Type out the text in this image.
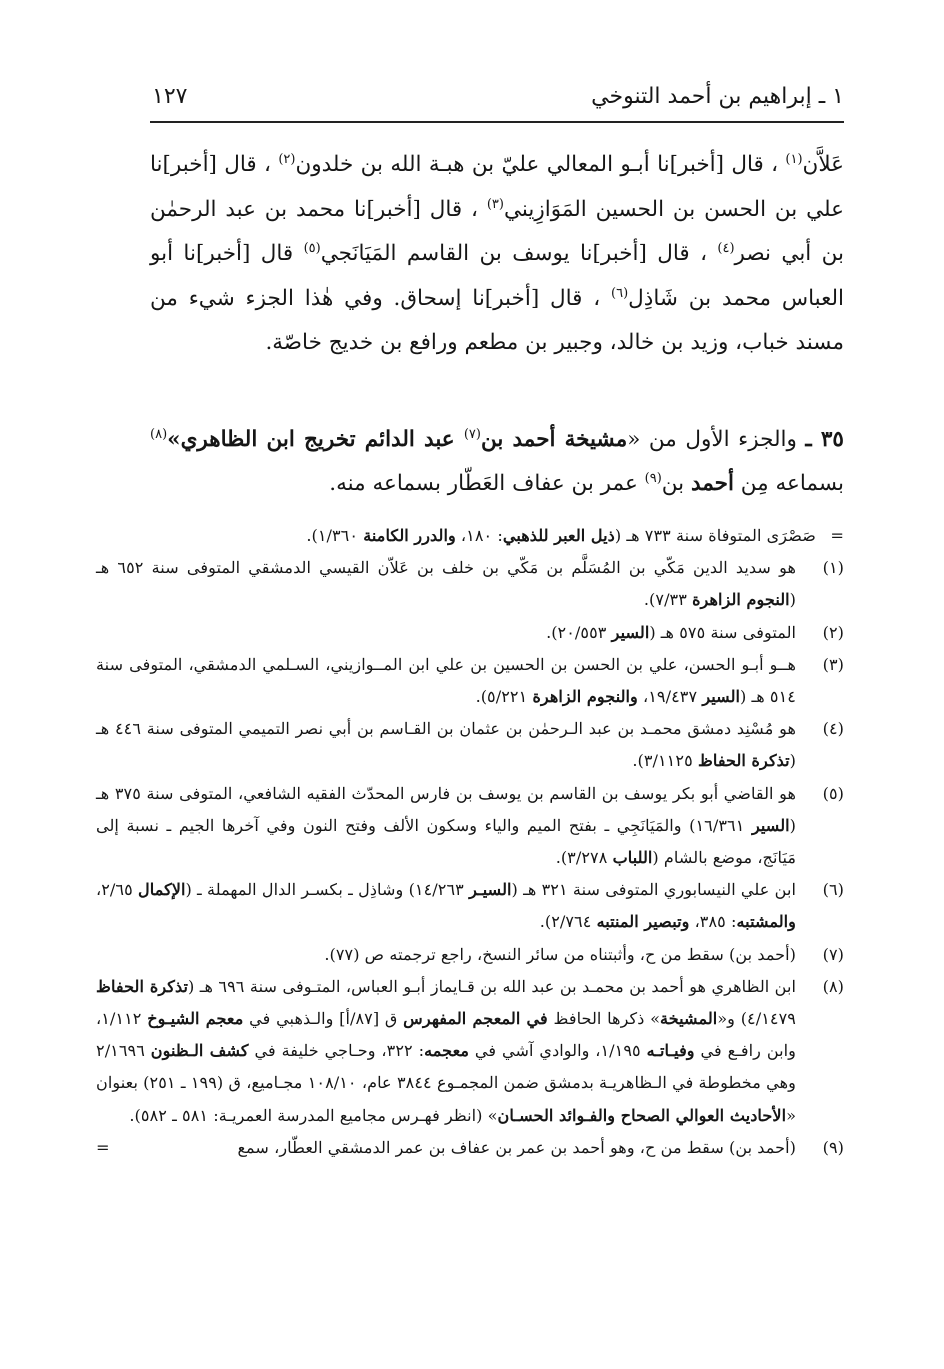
١ ـ إبراهيم بن أحمد التنوخي
١٢٧

عَلاَّن$^{(١)}$ ، قال [أخبر]نا أبـو المعالي عليّ بن هبـة الله بن خلدون$^{(٢)}$ ، قال [أخبر]نا علي بن الحسن بن الحسين المَوَازِيني$^{(٣)}$ ، قال [أخبر]نا محمد بن عبد الرحمٰن بن أبي نصر$^{(٤)}$ ، قال [أخبر]نا يوسف بن القاسم المَيَانَجي$^{(٥)}$ قال [أخبر]نا أبو العباس محمد بن شَاذِل$^{(٦)}$ ، قال [أخبر]نا إسحاق. وفي هٰذا الجزء شيء من مسند خباب، وزيد بن خالد، وجبير بن مطعم ورافع بن خديج خاصّة.

٣٥ ـ والجزء الأول من «مشيخة أحمد بن$^{(٧)}$ عبد الدائم تخريج ابن الظاهري»$^{(٨)}$ بسماعه مِن أحمد بن$^{(٩)}$ عمر بن عفاف العَطّار بسماعه منه.

=
صَصْرَى المتوفاة سنة ٧٣٣ هـ (ذيل العبر للذهبي: ١٨٠، والدرر الكامنة ١/٣٦٠).
(١)
هو سديد الدين مَكّي بن المُسَلَّم بن مَكّي بن خلف بن عَلاّن القيسي الدمشقي المتوفى سنة ٦٥٢ هـ (النجوم الزاهرة ٧/٣٣).
(٢)
المتوفى سنة ٥٧٥ هـ (السير ٢٠/٥٥٣).
(٣)
هــو أبـو الحسن، علي بن الحسن بن الحسين بن علي ابن المــوازيني، السـلمي الدمشقي، المتوفى سنة ٥١٤ هـ (السير ١٩/٤٣٧، والنجوم الزاهرة ٥/٢٢١).
(٤)
هو مُسْنِد دمشق محمـد بن عبد الـرحمٰن بن عثمان بن القـاسم بن أبي نصر التميمي المتوفى سنة ٤٤٦ هـ (تذكرة الحفاظ ٣/١١٢٥).
(٥)
هو القاضي أبو بكر يوسف بن القاسم بن يوسف بن فارس المحدّث الفقيه الشافعي، المتوفى سنة ٣٧٥ هـ (السير ١٦/٣٦١) والمَيَانَجِي ـ بفتح الميم والياء وسكون الألف وفتح النون وفي آخرها الجيم ـ نسبة إلى مَيَانَج، موضع بالشام (اللباب ٣/٢٧٨).
(٦)
ابن علي النيسابوري المتوفى سنة ٣٢١ هـ (السيـر ١٤/٢٦٣) وشاذِل ـ بكسـر الدال المهملة ـ (الإكمال ٢/٦٥، والمشتبه: ٣٨٥، وتبصير المنتبه ٢/٧٦٤).
(٧)
(أحمد بن) سقط من ح، وأثبتناه من سائر النسخ، راجع ترجمته ص (٧٧).
(٨)
ابن الظاهري هو أحمد بن محمـد بن عبد الله بن قـايماز أبـو العباس، المتـوفى سنة ٦٩٦ هـ (تذكرة الحفاظ ٤/١٤٧٩) و«المشيخة» ذكرها الحافظ في المعجم المفهرس ق [٨٧/أ] والـذهبي في معجم الشيـوخ ١/١١٢، وابن رافـع في وفيـاتـه ١/١٩٥، والوادي آشي في معجمه: ٣٢٢، وحـاجي خليفة في كشف الـظنون ٢/١٦٩٦ وهي مخطوطة في الـظاهريـة بدمشق ضمن المجمـوع ٣٨٤٤ عام، ١٠٨/١٠ مجـاميع، ق (١٩٩ ـ ٢٥١) بعنوان «الأحاديث العوالي الصحاح والفـوائد الحسـان» (انظر فهـرس مجاميع المدرسة العمريـة: ٥٨١ ـ ٥٨٢).
(٩)
(أحمد بن) سقط من ح، وهو أحمد بن عمر بن عفاف بن عمر الدمشقي العطّار، سمع
=
